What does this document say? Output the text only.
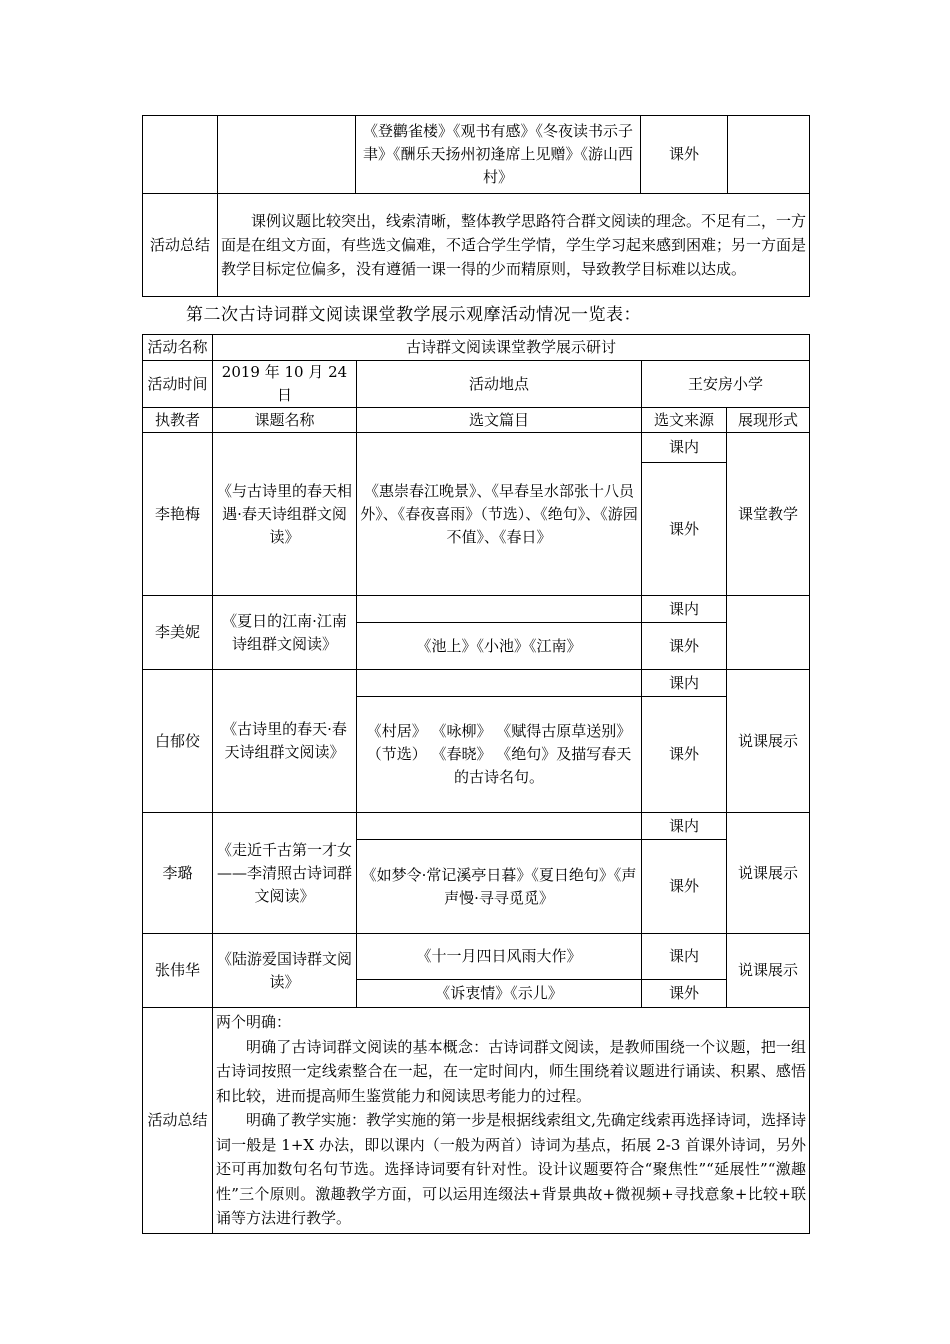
		《登鹳雀楼》《观书有感》《冬夜读书示子聿》《酬乐天扬州初逢席上见赠》《游山西村》	课外	
活动总结	课例议题比较突出，线索清晰，整体教学思路符合群文阅读的理念。不足有二，一方面是在组文方面，有些选文偏难，不适合学生学情，学生学习起来感到困难；另一方面是教学目标定位偏多，没有遵循一课一得的少而精原则，导致教学目标难以达成。			

第二次古诗词群文阅读课堂教学展示观摩活动情况一览表：
活动名称	古诗群文阅读课堂教学展示研讨			
活动时间	2019 年 10 月 24 日	活动地点	王安房小学	
执教者	课题名称	选文篇目	选文来源	展现形式
李艳梅	《与古诗里的春天相遇·春天诗组群文阅读》	《惠崇春江晚景》、《早春呈水部张十八员外》、《春夜喜雨》（节选）、《绝句》、《游园不值》、《春日》	课内	课堂教学
			课外	
李美妮	《夏日的江南·江南诗组群文阅读》		课内	
		《池上》《小池》《江南》	课外	
白郁佼	《古诗里的春天·春天诗组群文阅读》		课内	说课展示
		《村居》 《咏柳》 《赋得古原草送别》（节选） 《春晓》 《绝句》及描写春天的古诗名句。	课外	
李璐	《走近千古第一才女——李清照古诗词群文阅读》		课内	说课展示
		《如梦令·常记溪亭日暮》《夏日绝句》《声声慢·寻寻觅觅》	课外	
张伟华	《陆游爱国诗群文阅读》	《十一月四日风雨大作》	课内	说课展示
		《诉衷情》《示儿》	课外	
活动总结	两个明确：

明确了古诗词群文阅读的基本概念：古诗词群文阅读，是教师围绕一个议题，把一组古诗词按照一定线索整合在一起，在一定时间内，师生围绕着议题进行诵读、积累、感悟和比较，进而提高师生鉴赏能力和阅读思考能力的过程。

明确了教学实施：教学实施的第一步是根据线索组文,先确定线索再选择诗词，选择诗词一般是 1+X 办法，即以课内（一般为两首）诗词为基点，拓展 2-3 首课外诗词，另外还可再加数句名句节选。选择诗词要有针对性。设计议题要符合“聚焦性”“延展性”“激趣性”三个原则。激趣教学方面，可以运用连缀法+背景典故+微视频+寻找意象+比较+联诵等方法进行教学。			
